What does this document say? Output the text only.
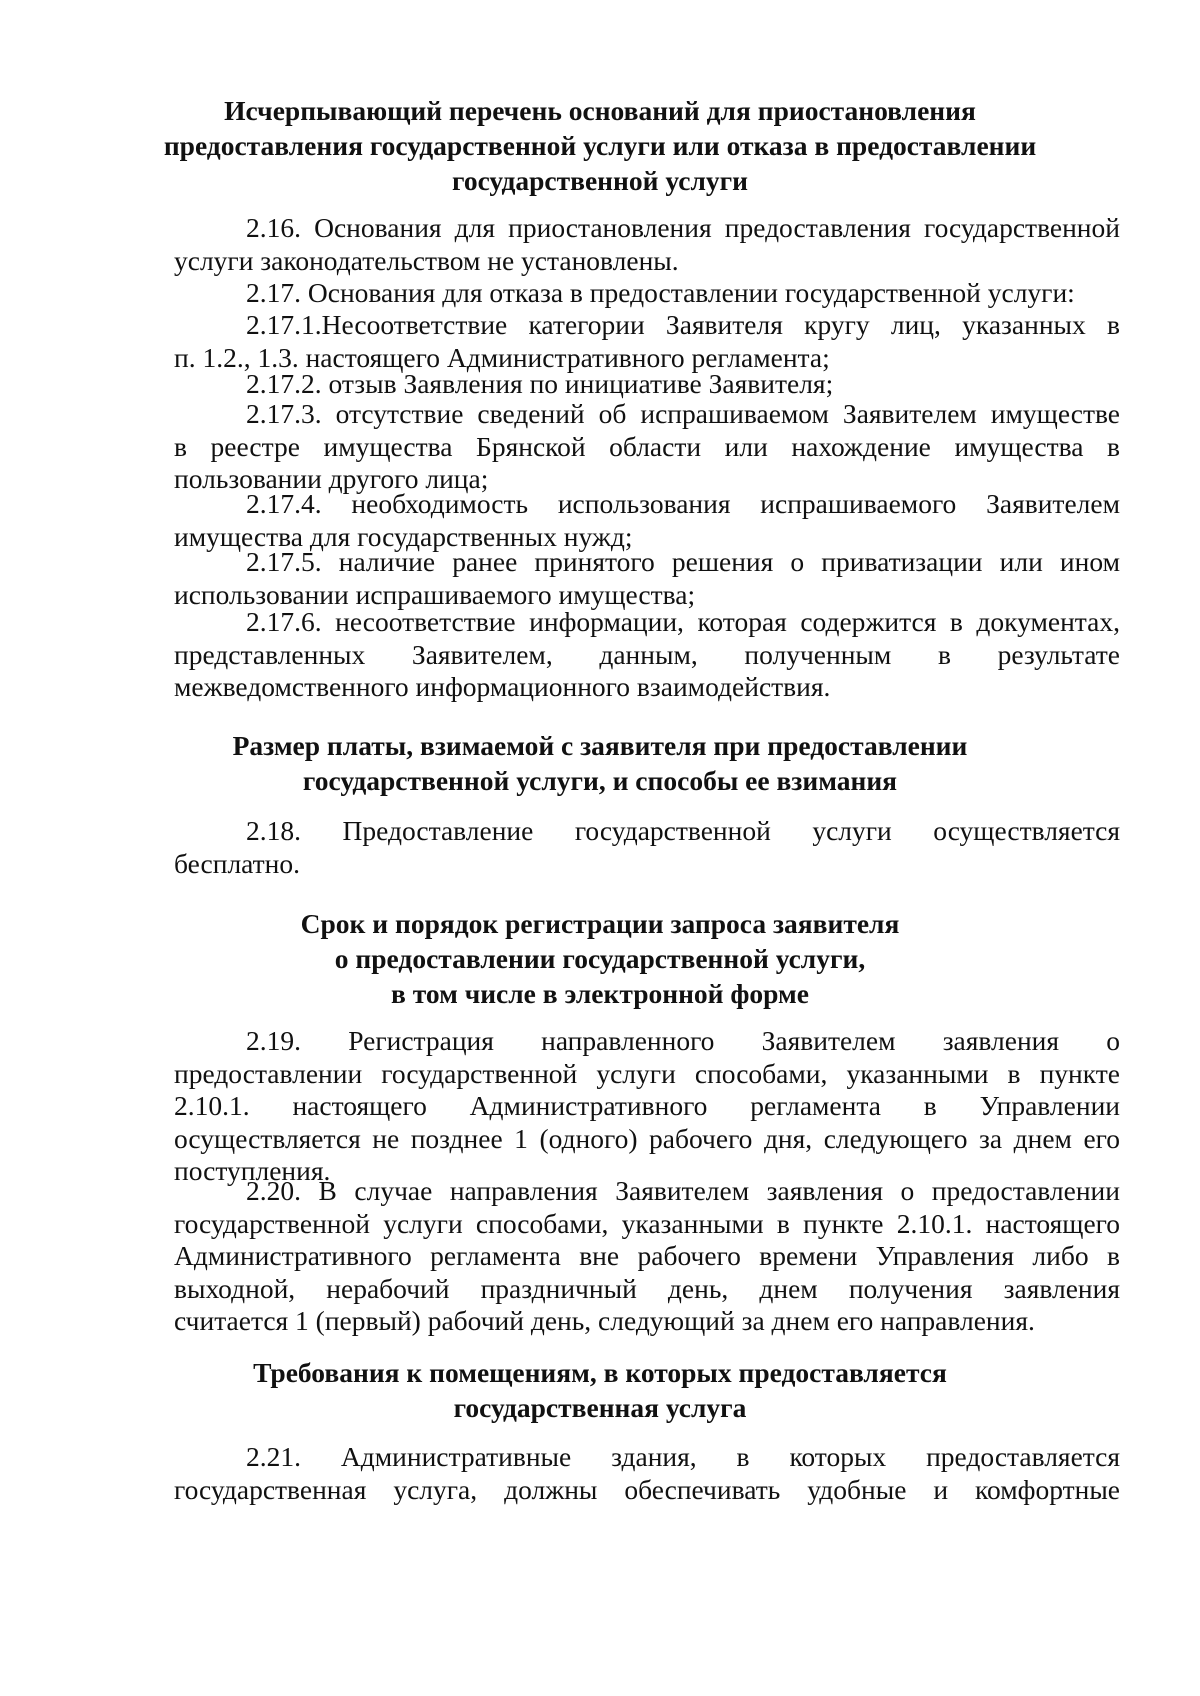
Исчерпывающий перечень оснований для приостановления
предоставления государственной услуги или отказа в предоставлении
государственной услуги
2.16. Основания для приостановления предоставления государственной
услуги законодательством не установлены.
2.17. Основания для отказа в предоставлении государственной услуги:
2.17.1.Несоответствие категории Заявителя кругу лиц, указанных в
п. 1.2., 1.3. настоящего Административного регламента;
2.17.2. отзыв Заявления по инициативе Заявителя;
2.17.3. отсутствие сведений об испрашиваемом Заявителем имуществе
в реестре имущества Брянской области или нахождение имущества в
пользовании другого лица;
2.17.4. необходимость использования испрашиваемого Заявителем
имущества для государственных нужд;
2.17.5. наличие ранее принятого решения о приватизации или ином
использовании испрашиваемого имущества;
2.17.6. несоответствие информации, которая содержится в документах,
представленных Заявителем, данным, полученным в результате
межведомственного информационного взаимодействия.
Размер платы, взимаемой с заявителя при предоставлении
государственной услуги, и способы ее взимания
2.18. Предоставление государственной услуги осуществляется
бесплатно.
Срок и порядок регистрации запроса заявителя
о предоставлении государственной услуги,
в том числе в электронной форме
2.19. Регистрация направленного Заявителем заявления о
предоставлении государственной услуги способами, указанными в пункте
2.10.1. настоящего Административного регламента в Управлении
осуществляется не позднее 1 (одного) рабочего дня, следующего за днем его
поступления.
2.20. В случае направления Заявителем заявления о предоставлении
государственной услуги способами, указанными в пункте 2.10.1. настоящего
Административного регламента вне рабочего времени Управления либо в
выходной, нерабочий праздничный день, днем получения заявления
считается 1 (первый) рабочий день, следующий за днем его направления.
Требования к помещениям, в которых предоставляется
государственная услуга
2.21. Административные здания, в которых предоставляется
государственная услуга, должны обеспечивать удобные и комфортные
